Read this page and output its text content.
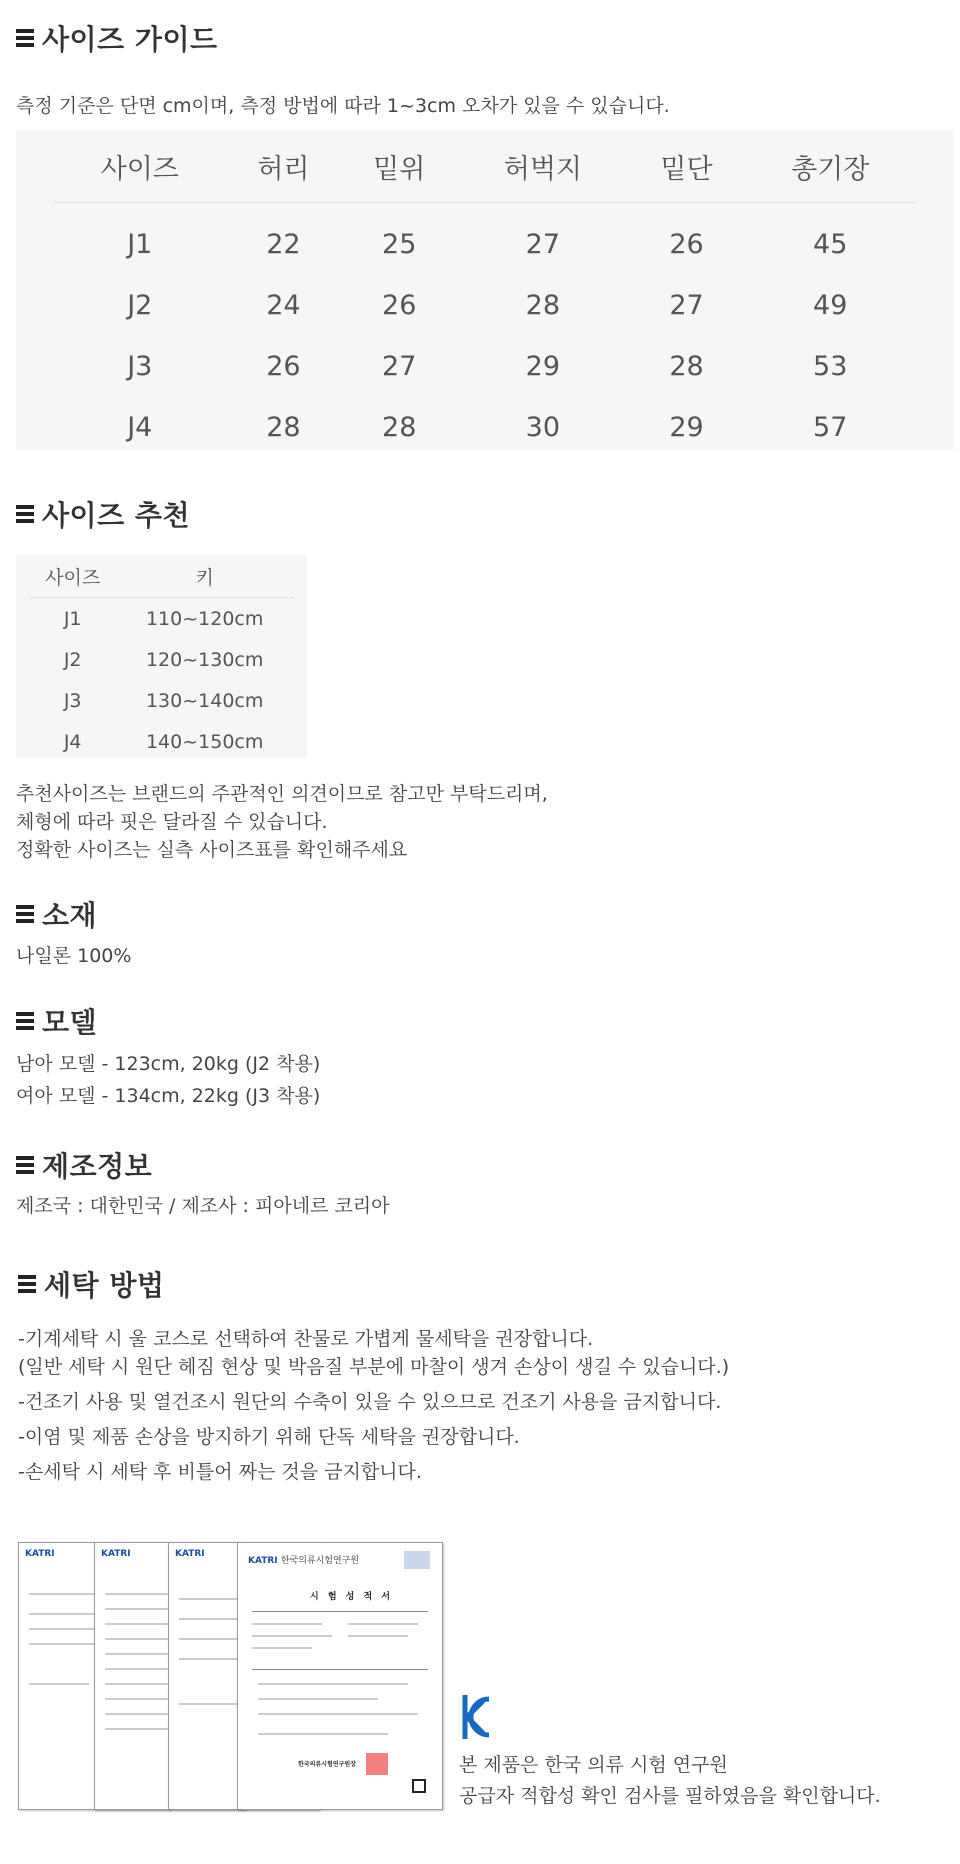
사이즈 가이드
측정 기준은 단면 cm이며, 측정 방법에 따라 1~3cm 오차가 있을 수 있습니다.
사이즈	허리	밑위	허벅지	밑단	총기장
J1	22	25	27	26	45
J2	24	26	28	27	49
J3	26	27	29	28	53
J4	28	28	30	29	57
사이즈 추천
사이즈	키
J1	110~120cm
J2	120~130cm
J3	130~140cm
J4	140~150cm
추천사이즈는 브랜드의 주관적인 의견이므로 참고만 부탁드리며,
체형에 따라 핏은 달라질 수 있습니다.
정확한 사이즈는 실측 사이즈표를 확인해주세요
소재
나일론 100%
모델
남아 모델 - 123cm, 20kg (J2 착용)
여아 모델 - 134cm, 22kg (J3 착용)
제조정보
제조국 : 대한민국 / 제조사 : 피아네르 코리아
세탁 방법
-기계세탁 시 울 코스로 선택하여 찬물로 가볍게 물세탁을 권장합니다.
(일반 세탁 시 원단 헤짐 현상 및 박음질 부분에 마찰이 생겨 손상이 생길 수 있습니다.)
-건조기 사용 및 열건조시 원단의 수축이 있을 수 있으므로 건조기 사용을 금지합니다.
-이염 및 제품 손상을 방지하기 위해 단독 세탁을 권장합니다.
-손세탁 시 세탁 후 비틀어 짜는 것을 금지합니다.
KATRI	KATRI	KATRI
KATRI 한국의류시험연구원
시 험 성 적 서
한국의류시험연구원장	본 제품은 한국 의류 시험 연구원
공급자 적합성 확인 검사를 필하였음을 확인합니다.
